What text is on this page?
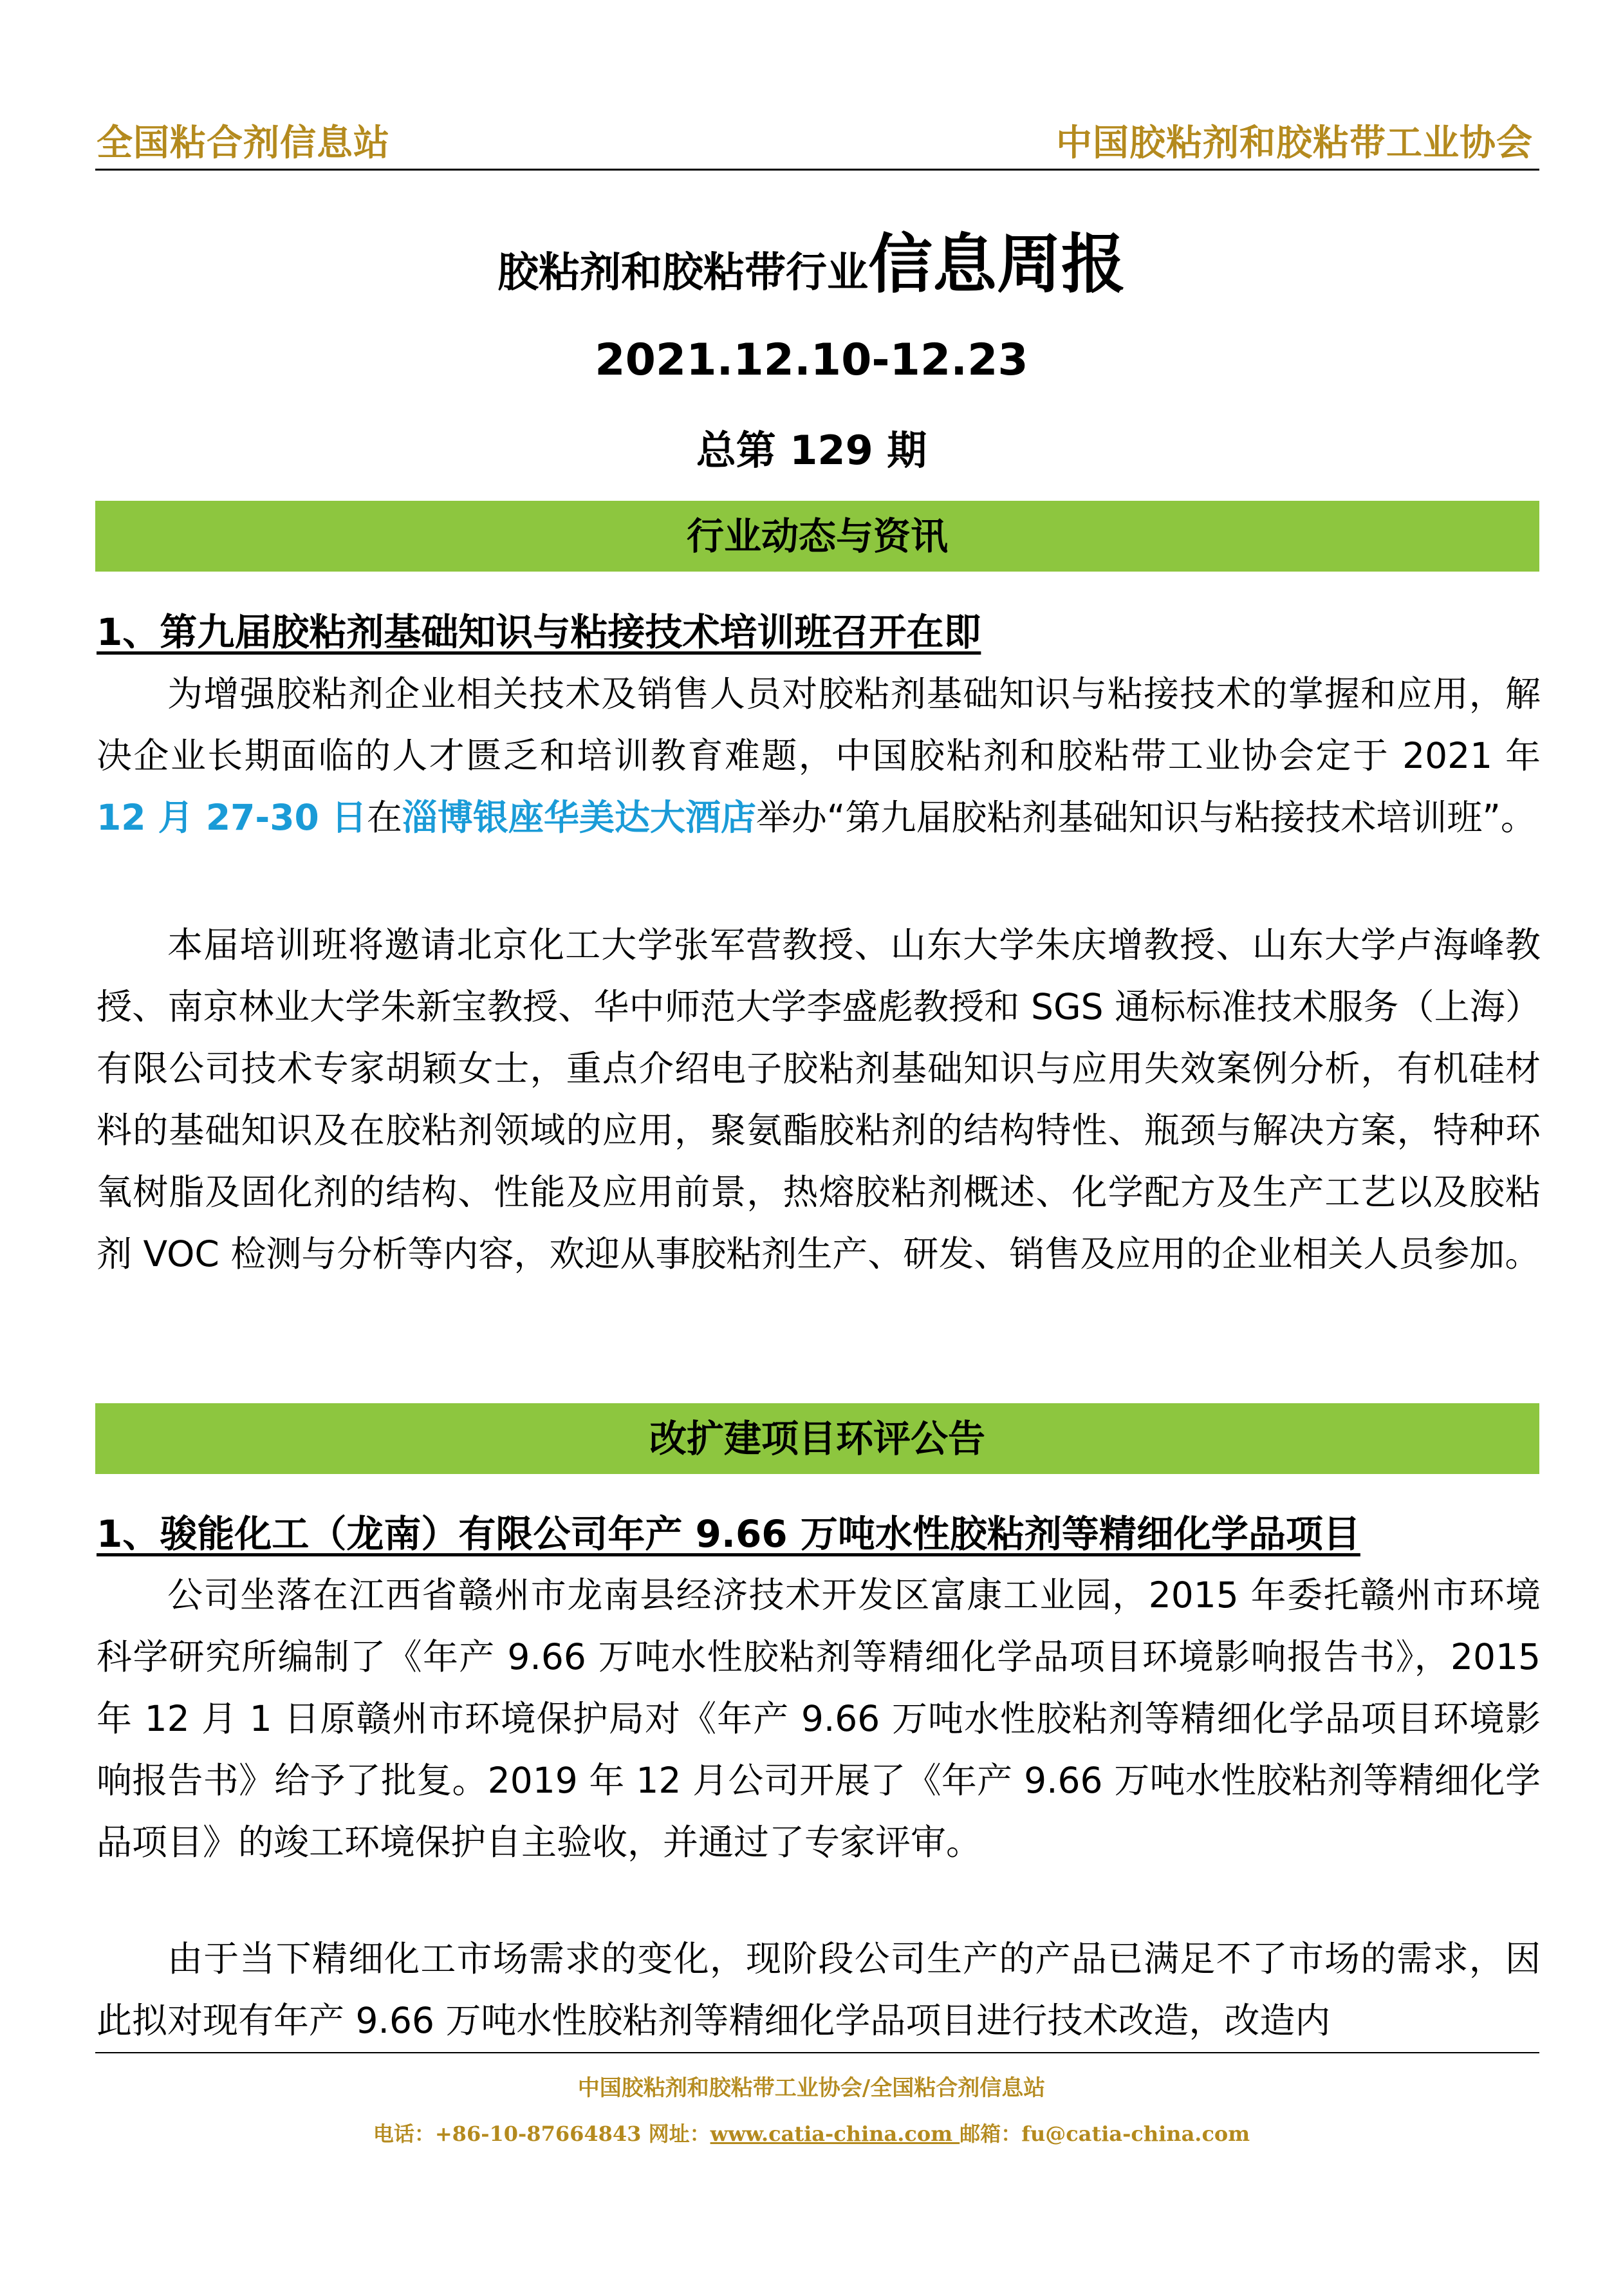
全国粘合剂信息站	中国胶粘剂和胶粘带工业协会
胶粘剂和胶粘带行业信息周报
2021.12.10-12.23
总第 129 期
行业动态与资讯
1、第九届胶粘剂基础知识与粘接技术培训班召开在即

为增强胶粘剂企业相关技术及销售人员对胶粘剂基础知识与粘接技术的掌握和应用，解决企业长期面临的人才匮乏和培训教育难题，中国胶粘剂和胶粘带工业协会定于 2021 年 12 月 27-30 日在淄博银座华美达大酒店举办“第九届胶粘剂基础知识与粘接技术培训班”。

本届培训班将邀请北京化工大学张军营教授、山东大学朱庆增教授、山东大学卢海峰教授、南京林业大学朱新宝教授、华中师范大学李盛彪教授和 SGS 通标标准技术服务（上海）有限公司技术专家胡颖女士，重点介绍电子胶粘剂基础知识与应用失效案例分析，有机硅材料的基础知识及在胶粘剂领域的应用，聚氨酯胶粘剂的结构特性、瓶颈与解决方案，特种环氧树脂及固化剂的结构、性能及应用前景，热熔胶粘剂概述、化学配方及生产工艺以及胶粘剂 VOC 检测与分析等内容，欢迎从事胶粘剂生产、研发、销售及应用的企业相关人员参加。

改扩建项目环评公告
1、骏能化工（龙南）有限公司年产 9.66 万吨水性胶粘剂等精细化学品项目

公司坐落在江西省赣州市龙南县经济技术开发区富康工业园，2015 年委托赣州市环境科学研究所编制了《年产 9.66 万吨水性胶粘剂等精细化学品项目环境影响报告书》，2015 年 12 月 1 日原赣州市环境保护局对《年产 9.66 万吨水性胶粘剂等精细化学品项目环境影响报告书》给予了批复。2019 年 12 月公司开展了《年产 9.66 万吨水性胶粘剂等精细化学品项目》的竣工环境保护自主验收，并通过了专家评审。

由于当下精细化工市场需求的变化，现阶段公司生产的产品已满足不了市场的需求，因此拟对现有年产 9.66 万吨水性胶粘剂等精细化学品项目进行技术改造，改造内

中国胶粘剂和胶粘带工业协会/全国粘合剂信息站
电话：+86-10-87664843 网址：www.catia-china.com 邮箱：fu@catia-china.com
